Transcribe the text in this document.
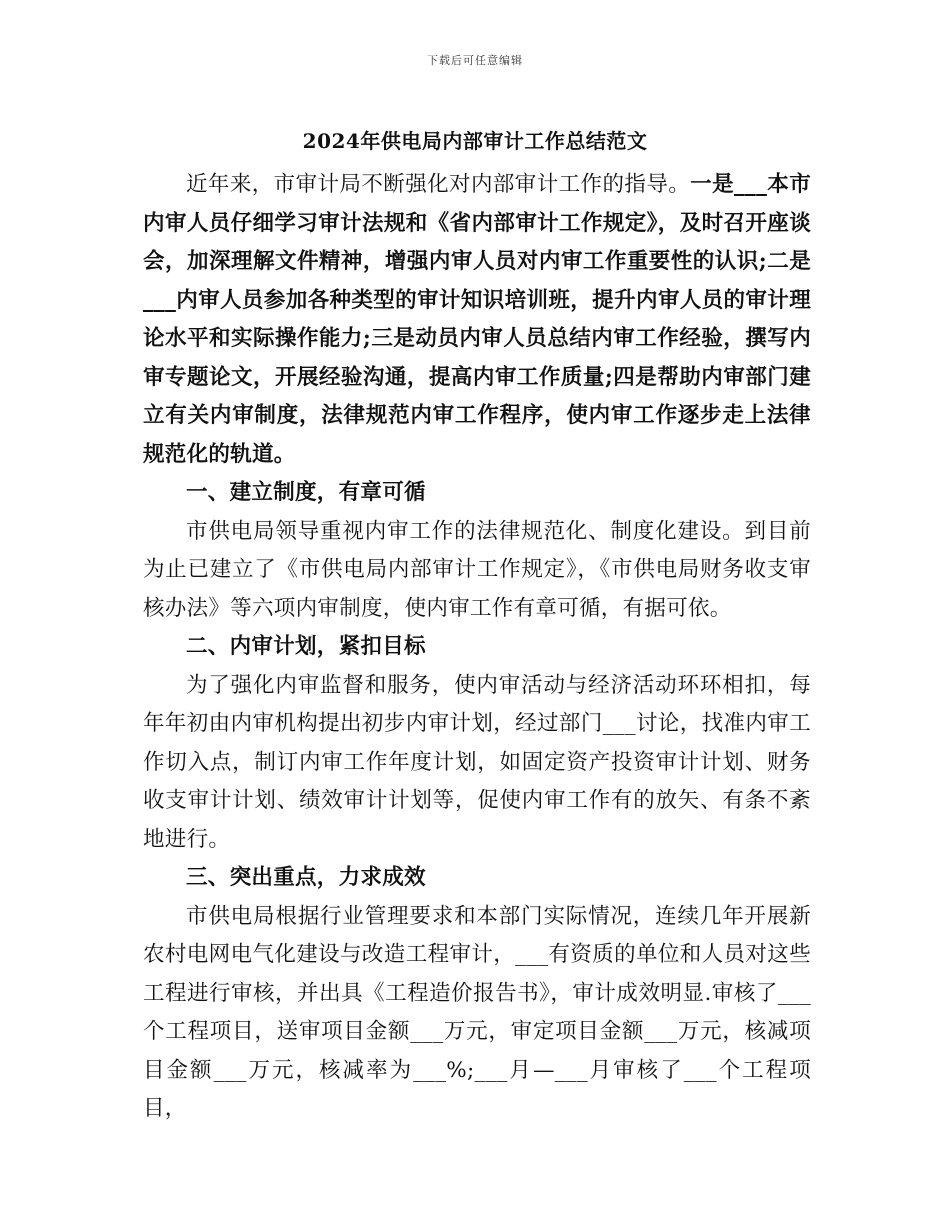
下载后可任意编辑
2024年供电局内部审计工作总结范文

近年来，市审计局不断强化对内部审计工作的指导。一是___本市内审人员仔细学习审计法规和《省内部审计工作规定》，及时召开座谈会，加深理解文件精神，增强内审人员对内审工作重要性的认识;二是___内审人员参加各种类型的审计知识培训班，提升内审人员的审计理论水平和实际操作能力;三是动员内审人员总结内审工作经验，撰写内审专题论文，开展经验沟通，提高内审工作质量;四是帮助内审部门建立有关内审制度，法律规范内审工作程序，使内审工作逐步走上法律规范化的轨道。

一、建立制度，有章可循

市供电局领导重视内审工作的法律规范化、制度化建设。到目前为止已建立了《市供电局内部审计工作规定》，《市供电局财务收支审核办法》等六项内审制度，使内审工作有章可循，有据可依。

二、内审计划，紧扣目标

为了强化内审监督和服务，使内审活动与经济活动环环相扣，每年年初由内审机构提出初步内审计划，经过部门___讨论，找准内审工作切入点，制订内审工作年度计划，如固定资产投资审计计划、财务收支审计计划、绩效审计计划等，促使内审工作有的放矢、有条不紊地进行。

三、突出重点，力求成效

市供电局根据行业管理要求和本部门实际情况，连续几年开展新农村电网电气化建设与改造工程审计，___有资质的单位和人员对这些工程进行审核，并出具《工程造价报告书》，审计成效明显.审核了___个工程项目，送审项目金额___万元，审定项目金额___万元，核减项目金额___万元，核减率为___%;___月—___月审核了___个工程项目，
